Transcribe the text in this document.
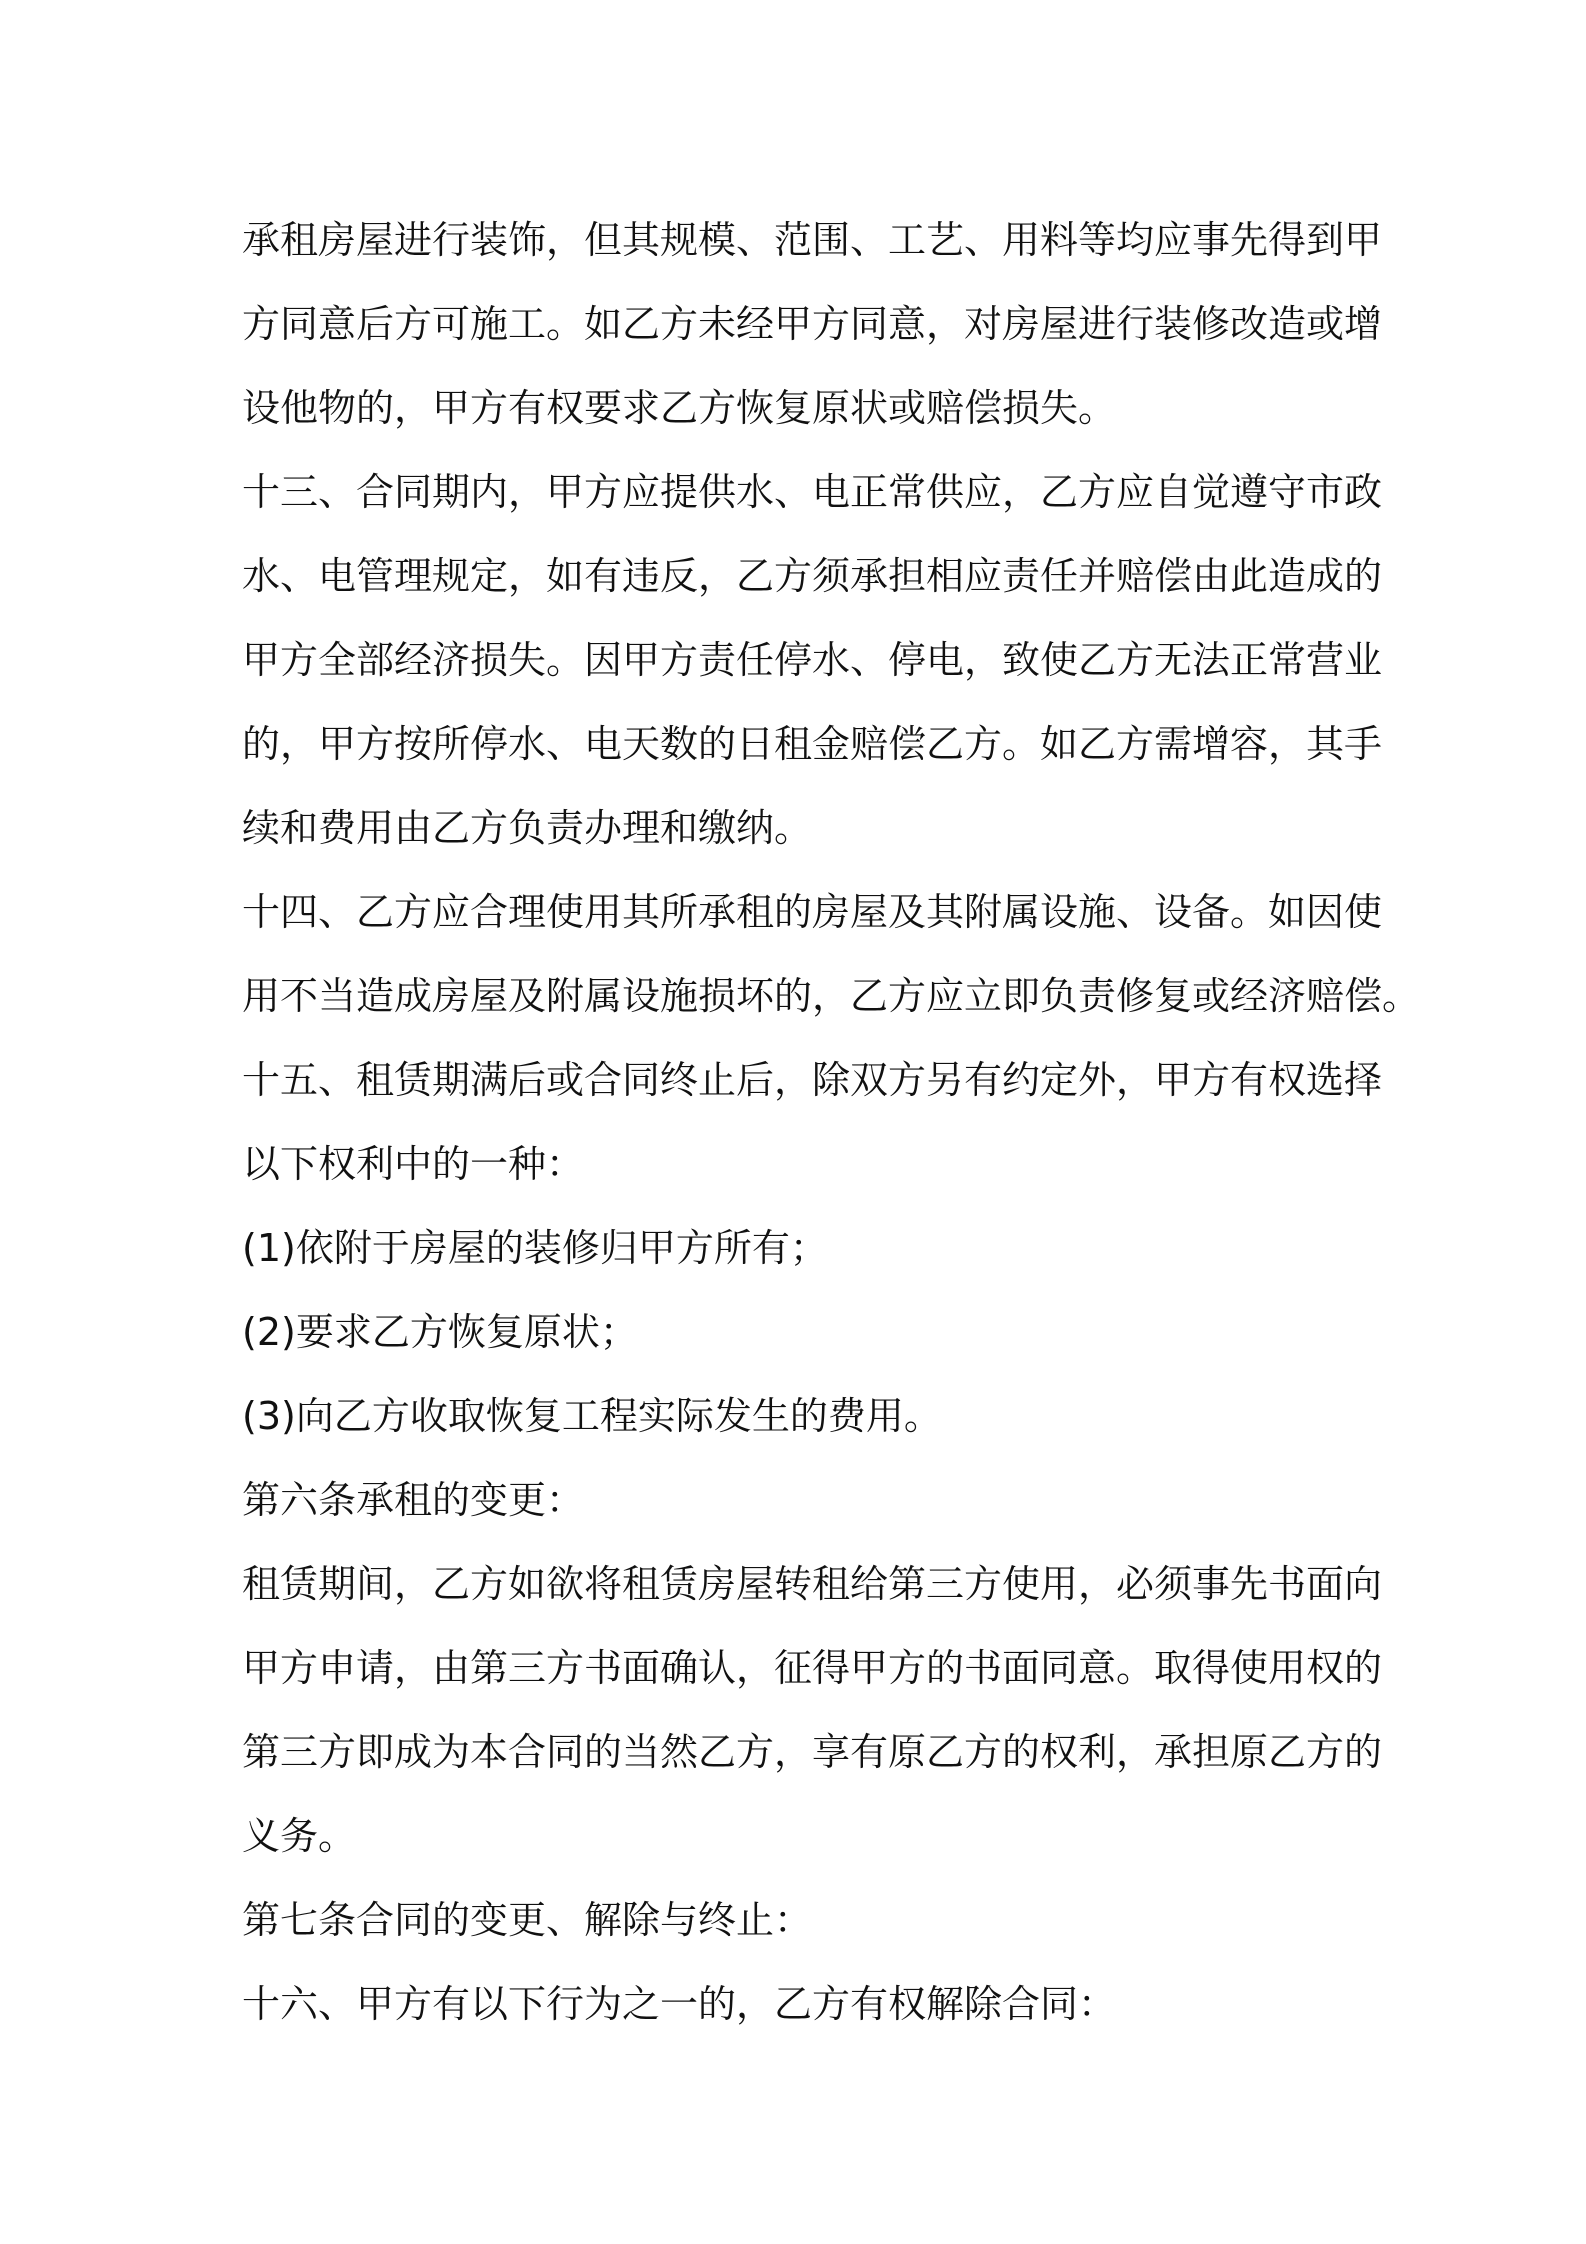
承租房屋进行装饰，但其规模、范围、工艺、用料等均应事先得到甲
方同意后方可施工。如乙方未经甲方同意，对房屋进行装修改造或增
设他物的，甲方有权要求乙方恢复原状或赔偿损失。
十三、合同期内，甲方应提供水、电正常供应，乙方应自觉遵守市政
水、电管理规定，如有违反，乙方须承担相应责任并赔偿由此造成的
甲方全部经济损失。因甲方责任停水、停电，致使乙方无法正常营业
的，甲方按所停水、电天数的日租金赔偿乙方。如乙方需增容，其手
续和费用由乙方负责办理和缴纳。
十四、乙方应合理使用其所承租的房屋及其附属设施、设备。如因使
用不当造成房屋及附属设施损坏的，乙方应立即负责修复或经济赔偿。
十五、租赁期满后或合同终止后，除双方另有约定外，甲方有权选择
以下权利中的一种：
(1)依附于房屋的装修归甲方所有；
(2)要求乙方恢复原状；
(3)向乙方收取恢复工程实际发生的费用。
第六条承租的变更：
租赁期间，乙方如欲将租赁房屋转租给第三方使用，必须事先书面向
甲方申请，由第三方书面确认，征得甲方的书面同意。取得使用权的
第三方即成为本合同的当然乙方，享有原乙方的权利，承担原乙方的
义务。
第七条合同的变更、解除与终止：
十六、甲方有以下行为之一的，乙方有权解除合同：
